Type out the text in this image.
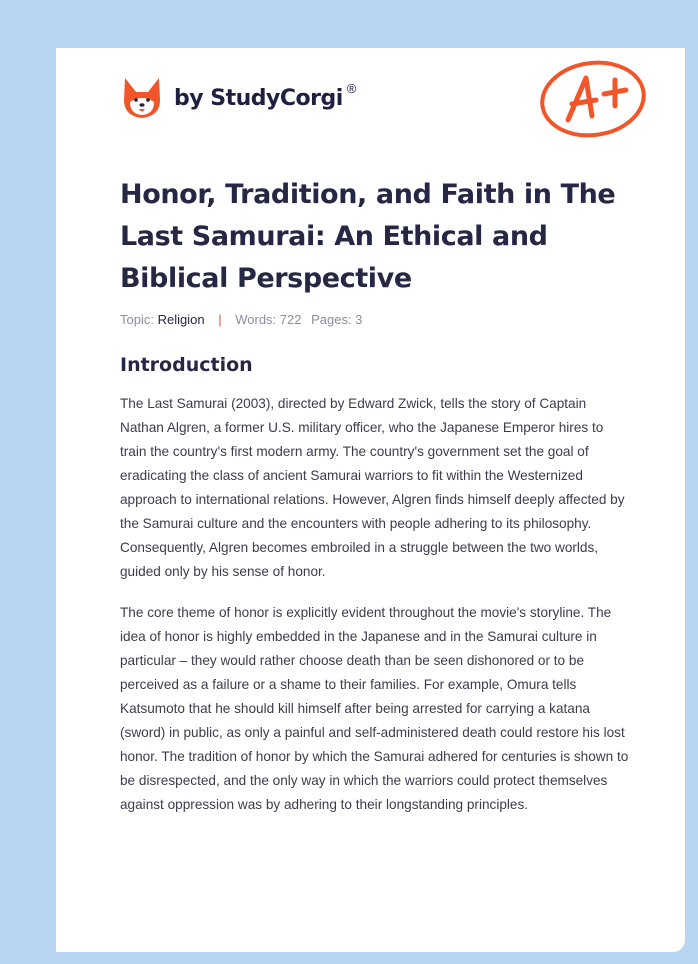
by StudyCorgi ®
Honor, Tradition, and Faith in The Last Samurai: An Ethical and Biblical Perspective
Topic: Religion | Words: 722 Pages: 3
Introduction

The Last Samurai (2003), directed by Edward Zwick, tells the story of Captain Nathan Algren, a former U.S. military officer, who the Japanese Emperor hires to train the country's first modern army. The country's government set the goal of eradicating the class of ancient Samurai warriors to fit within the Westernized approach to international relations. However, Algren finds himself deeply affected by the Samurai culture and the encounters with people adhering to its philosophy. Consequently, Algren becomes embroiled in a struggle between the two worlds, guided only by his sense of honor.

The core theme of honor is explicitly evident throughout the movie's storyline. The idea of honor is highly embedded in the Japanese and in the Samurai culture in particular – they would rather choose death than be seen dishonored or to be perceived as a failure or a shame to their families. For example, Omura tells Katsumoto that he should kill himself after being arrested for carrying a katana (sword) in public, as only a painful and self-administered death could restore his lost honor. The tradition of honor by which the Samurai adhered for centuries is shown to be disrespected, and the only way in which the warriors could protect themselves against oppression was by adhering to their longstanding principles.
